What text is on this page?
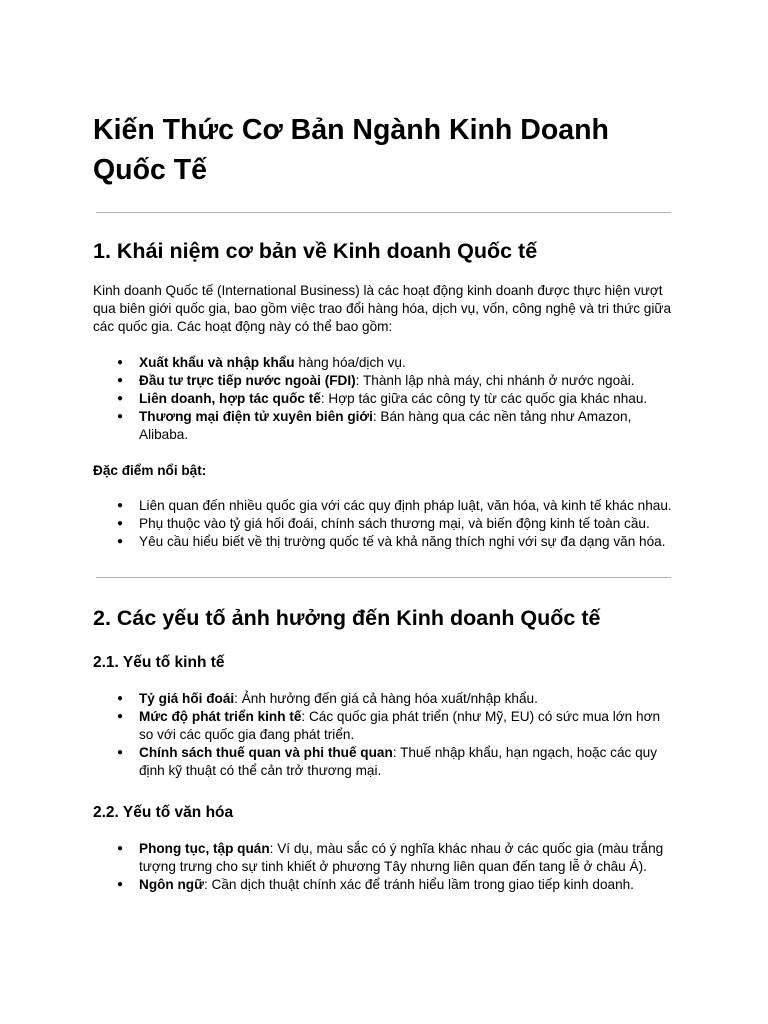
Kiến Thức Cơ Bản Ngành Kinh Doanh Quốc Tế
1. Khái niệm cơ bản về Kinh doanh Quốc tế

Kinh doanh Quốc tế (International Business) là các hoạt động kinh doanh được thực hiện vượt qua biên giới quốc gia, bao gồm việc trao đổi hàng hóa, dịch vụ, vốn, công nghệ và tri thức giữa các quốc gia. Các hoạt động này có thể bao gồm:

● Xuất khẩu và nhập khẩu hàng hóa/dịch vụ.
● Đầu tư trực tiếp nước ngoài (FDI): Thành lập nhà máy, chi nhánh ở nước ngoài.
● Liên doanh, hợp tác quốc tế: Hợp tác giữa các công ty từ các quốc gia khác nhau.
● Thương mại điện tử xuyên biên giới: Bán hàng qua các nền tảng như Amazon, Alibaba.

Đặc điểm nổi bật:

● Liên quan đến nhiều quốc gia với các quy định pháp luật, văn hóa, và kinh tế khác nhau.
● Phụ thuộc vào tỷ giá hối đoái, chính sách thương mại, và biến động kinh tế toàn cầu.
● Yêu cầu hiểu biết về thị trường quốc tế và khả năng thích nghi với sự đa dạng văn hóa.
2. Các yếu tố ảnh hưởng đến Kinh doanh Quốc tế
2.1. Yếu tố kinh tế
● Tỷ giá hối đoái: Ảnh hưởng đến giá cả hàng hóa xuất/nhập khẩu.
● Mức độ phát triển kinh tế: Các quốc gia phát triển (như Mỹ, EU) có sức mua lớn hơn so với các quốc gia đang phát triển.
● Chính sách thuế quan và phi thuế quan: Thuế nhập khẩu, hạn ngạch, hoặc các quy định kỹ thuật có thể cản trở thương mại.
2.2. Yếu tố văn hóa
● Phong tục, tập quán: Ví dụ, màu sắc có ý nghĩa khác nhau ở các quốc gia (màu trắng tượng trưng cho sự tinh khiết ở phương Tây nhưng liên quan đến tang lễ ở châu Á).
● Ngôn ngữ: Cần dịch thuật chính xác để tránh hiểu lầm trong giao tiếp kinh doanh.
